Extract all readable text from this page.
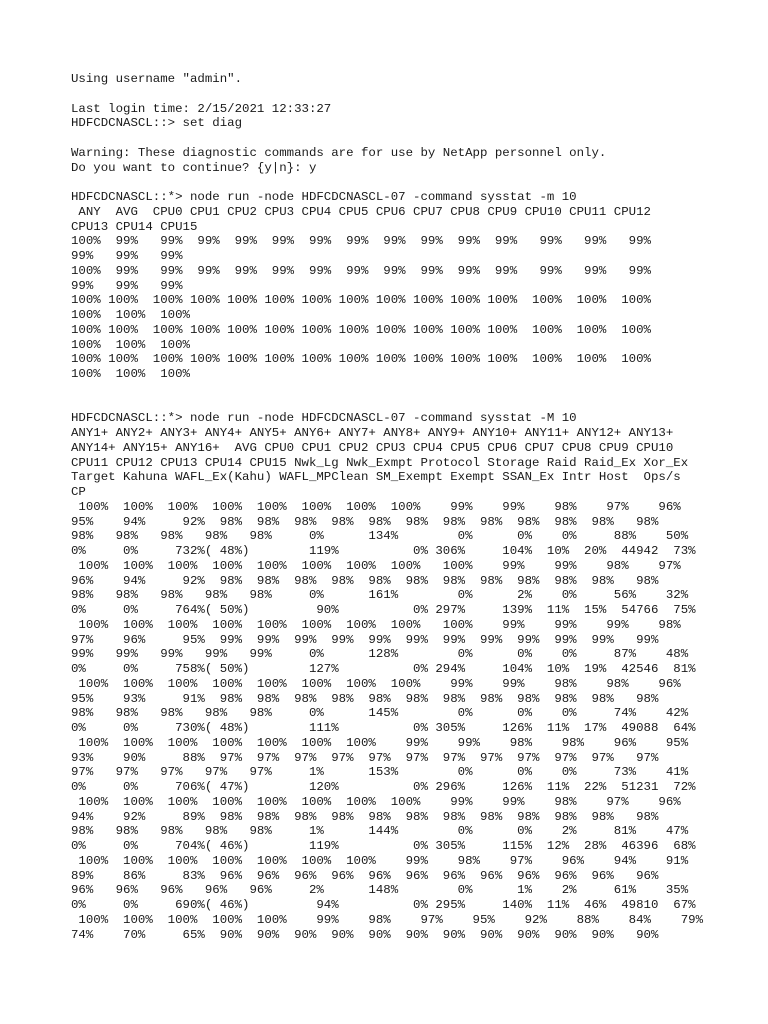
Using username "admin".
Last login time: 2/15/2021 12:33:27
HDFCDCNASCL::> set diag
Warning: These diagnostic commands are for use by NetApp personnel only.
Do you want to continue? {y|n}: y
HDFCDCNASCL::*> node run -node HDFCDCNASCL-07 -command sysstat -m 10
ANY  AVG  CPU0 CPU1 CPU2 CPU3 CPU4 CPU5 CPU6 CPU7 CPU8 CPU9 CPU10 CPU11 CPU12
CPU13 CPU14 CPU15
100%  99%   99%  99%  99%  99%  99%  99%  99%  99%  99%  99%   99%   99%   99%
99%   99%   99%
100%  99%   99%  99%  99%  99%  99%  99%  99%  99%  99%  99%   99%   99%   99%
99%   99%   99%
100% 100%  100% 100% 100% 100% 100% 100% 100% 100% 100% 100%  100%  100%  100%
100%  100%  100%
100% 100%  100% 100% 100% 100% 100% 100% 100% 100% 100% 100%  100%  100%  100%
100%  100%  100%
100% 100%  100% 100% 100% 100% 100% 100% 100% 100% 100% 100%  100%  100%  100%
100%  100%  100%
HDFCDCNASCL::*> node run -node HDFCDCNASCL-07 -command sysstat -M 10
ANY1+ ANY2+ ANY3+ ANY4+ ANY5+ ANY6+ ANY7+ ANY8+ ANY9+ ANY10+ ANY11+ ANY12+ ANY13+
ANY14+ ANY15+ ANY16+  AVG CPU0 CPU1 CPU2 CPU3 CPU4 CPU5 CPU6 CPU7 CPU8 CPU9 CPU10
CPU11 CPU12 CPU13 CPU14 CPU15 Nwk_Lg Nwk_Exmpt Protocol Storage Raid Raid_Ex Xor_Ex
Target Kahuna WAFL_Ex(Kahu) WAFL_MPClean SM_Exempt Exempt SSAN_Ex Intr Host  Ops/s
CP
100%  100%  100%  100%  100%  100%  100%  100%    99%    99%    98%    97%    96%
95%    94%     92%  98%  98%  98%  98%  98%  98%  98%  98%  98%  98%  98%   98%
98%   98%   98%   98%   98%     0%      134%        0%      0%    0%     88%    50%
0%     0%     732%( 48%)        119%          0% 306%     104%  10%  20%  44942  73%
100%  100%  100%  100%  100%  100%  100%  100%   100%    99%    99%    98%    97%
96%    94%     92%  98%  98%  98%  98%  98%  98%  98%  98%  98%  98%  98%   98%
98%   98%   98%   98%   98%     0%      161%        0%      2%    0%     56%    32%
0%     0%     764%( 50%)         90%          0% 297%     139%  11%  15%  54766  75%
100%  100%  100%  100%  100%  100%  100%  100%   100%    99%    99%    99%    98%
97%    96%     95%  99%  99%  99%  99%  99%  99%  99%  99%  99%  99%  99%   99%
99%   99%   99%   99%   99%     0%      128%        0%      0%    0%     87%    48%
0%     0%     758%( 50%)        127%          0% 294%     104%  10%  19%  42546  81%
100%  100%  100%  100%  100%  100%  100%  100%    99%    99%    98%    98%    96%
95%    93%     91%  98%  98%  98%  98%  98%  98%  98%  98%  98%  98%  98%   98%
98%   98%   98%   98%   98%     0%      145%        0%      0%    0%     74%    42%
0%     0%     730%( 48%)        111%          0% 305%     126%  11%  17%  49088  64%
100%  100%  100%  100%  100%  100%  100%    99%    99%    98%    98%    96%    95%
93%    90%     88%  97%  97%  97%  97%  97%  97%  97%  97%  97%  97%  97%   97%
97%   97%   97%   97%   97%     1%      153%        0%      0%    0%     73%    41%
0%     0%     706%( 47%)        120%          0% 296%     126%  11%  22%  51231  72%
100%  100%  100%  100%  100%  100%  100%  100%    99%    99%    98%    97%    96%
94%    92%     89%  98%  98%  98%  98%  98%  98%  98%  98%  98%  98%  98%   98%
98%   98%   98%   98%   98%     1%      144%        0%      0%    2%     81%    47%
0%     0%     704%( 46%)        119%          0% 305%     115%  12%  28%  46396  68%
100%  100%  100%  100%  100%  100%  100%    99%    98%    97%    96%    94%    91%
89%    86%     83%  96%  96%  96%  96%  96%  96%  96%  96%  96%  96%  96%   96%
96%   96%   96%   96%   96%     2%      148%        0%      1%    2%     61%    35%
0%     0%     690%( 46%)         94%          0% 295%     140%  11%  46%  49810  67%
100%  100%  100%  100%  100%    99%    98%    97%    95%    92%    88%    84%    79%
74%    70%     65%  90%  90%  90%  90%  90%  90%  90%  90%  90%  90%  90%   90%
